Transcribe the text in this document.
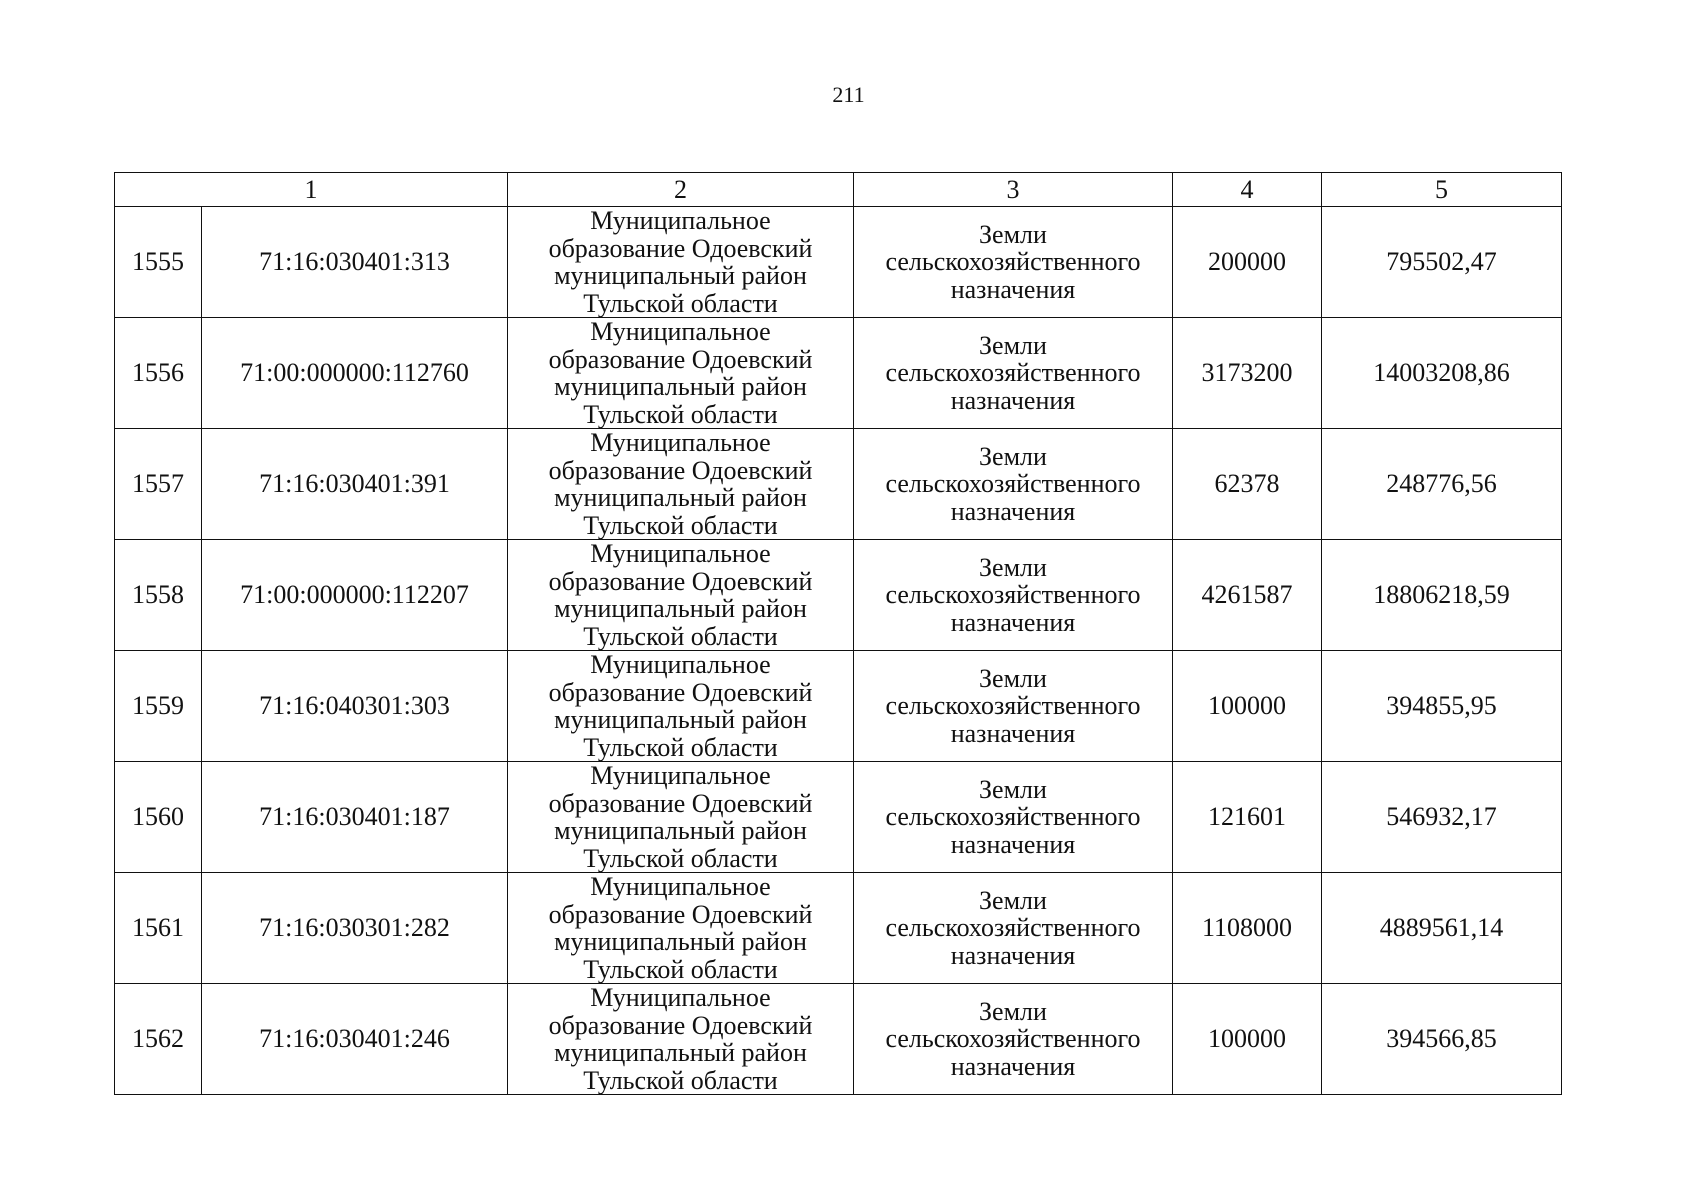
211
1		2	3	4	5
1555	71:16:030401:313	Муниципальное
образование Одоевский
муниципальный район
Тульской области	Земли
сельскохозяйственного
назначения	200000	795502,47
1556	71:00:000000:112760	Муниципальное
образование Одоевский
муниципальный район
Тульской области	Земли
сельскохозяйственного
назначения	3173200	14003208,86
1557	71:16:030401:391	Муниципальное
образование Одоевский
муниципальный район
Тульской области	Земли
сельскохозяйственного
назначения	62378	248776,56
1558	71:00:000000:112207	Муниципальное
образование Одоевский
муниципальный район
Тульской области	Земли
сельскохозяйственного
назначения	4261587	18806218,59
1559	71:16:040301:303	Муниципальное
образование Одоевский
муниципальный район
Тульской области	Земли
сельскохозяйственного
назначения	100000	394855,95
1560	71:16:030401:187	Муниципальное
образование Одоевский
муниципальный район
Тульской области	Земли
сельскохозяйственного
назначения	121601	546932,17
1561	71:16:030301:282	Муниципальное
образование Одоевский
муниципальный район
Тульской области	Земли
сельскохозяйственного
назначения	1108000	4889561,14
1562	71:16:030401:246	Муниципальное
образование Одоевский
муниципальный район
Тульской области	Земли
сельскохозяйственного
назначения	100000	394566,85
